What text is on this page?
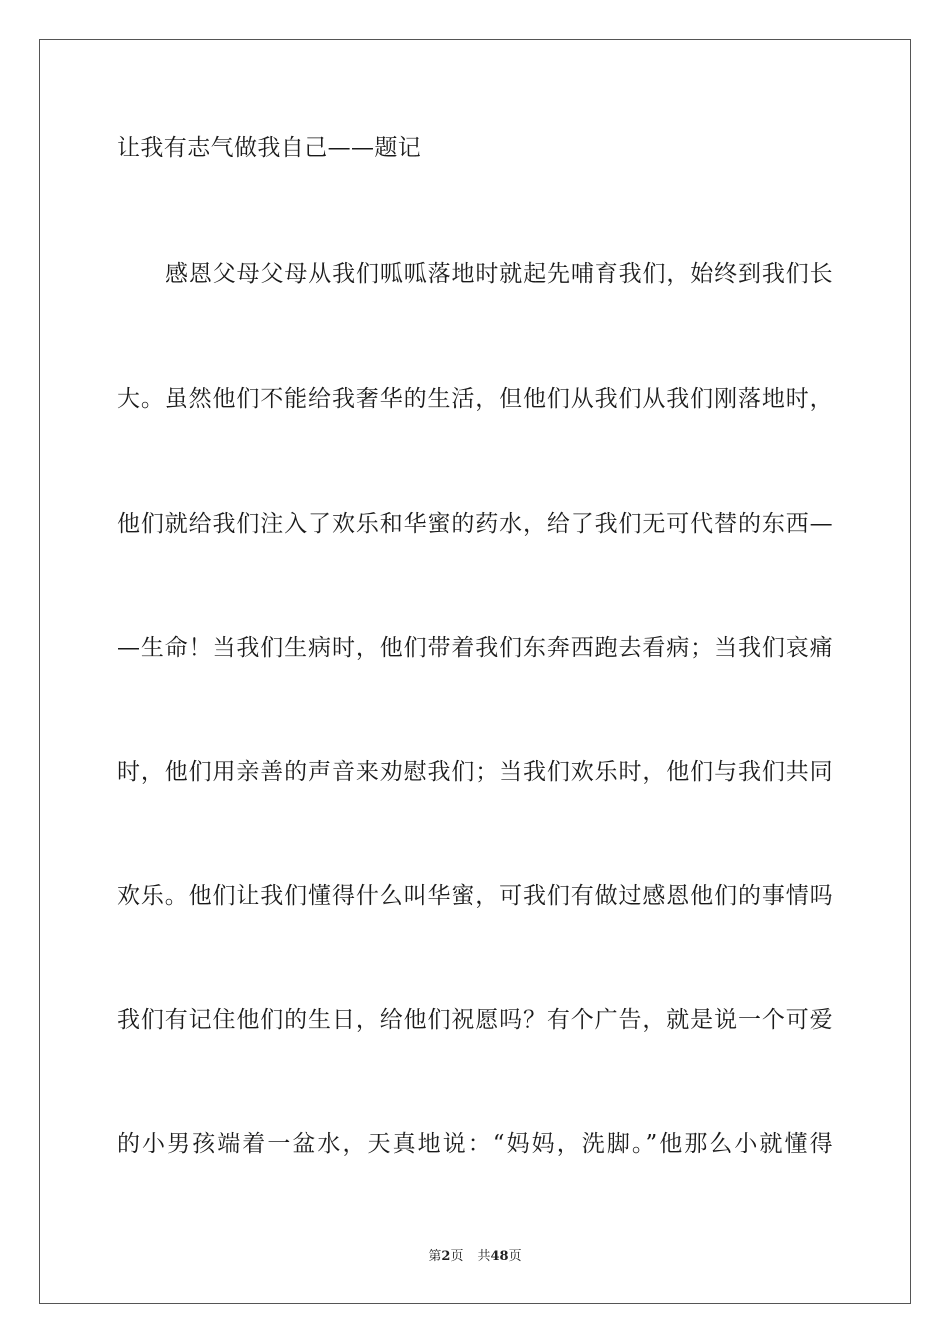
让我有志气做我自己——题记
感恩父母父母从我们呱呱落地时就起先哺育我们，始终到我们长
大。虽然他们不能给我奢华的生活，但他们从我们从我们刚落地时，
他们就给我们注入了欢乐和华蜜的药水，给了我们无可代替的东西—
—生命！当我们生病时，他们带着我们东奔西跑去看病；当我们哀痛
时，他们用亲善的声音来劝慰我们；当我们欢乐时，他们与我们共同
欢乐。他们让我们懂得什么叫华蜜，可我们有做过感恩他们的事情吗
我们有记住他们的生日，给他们祝愿吗？有个广告，就是说一个可爱
的小男孩端着一盆水，天真地说：“妈妈，洗脚。”他那么小就懂得
第2页 共48页
